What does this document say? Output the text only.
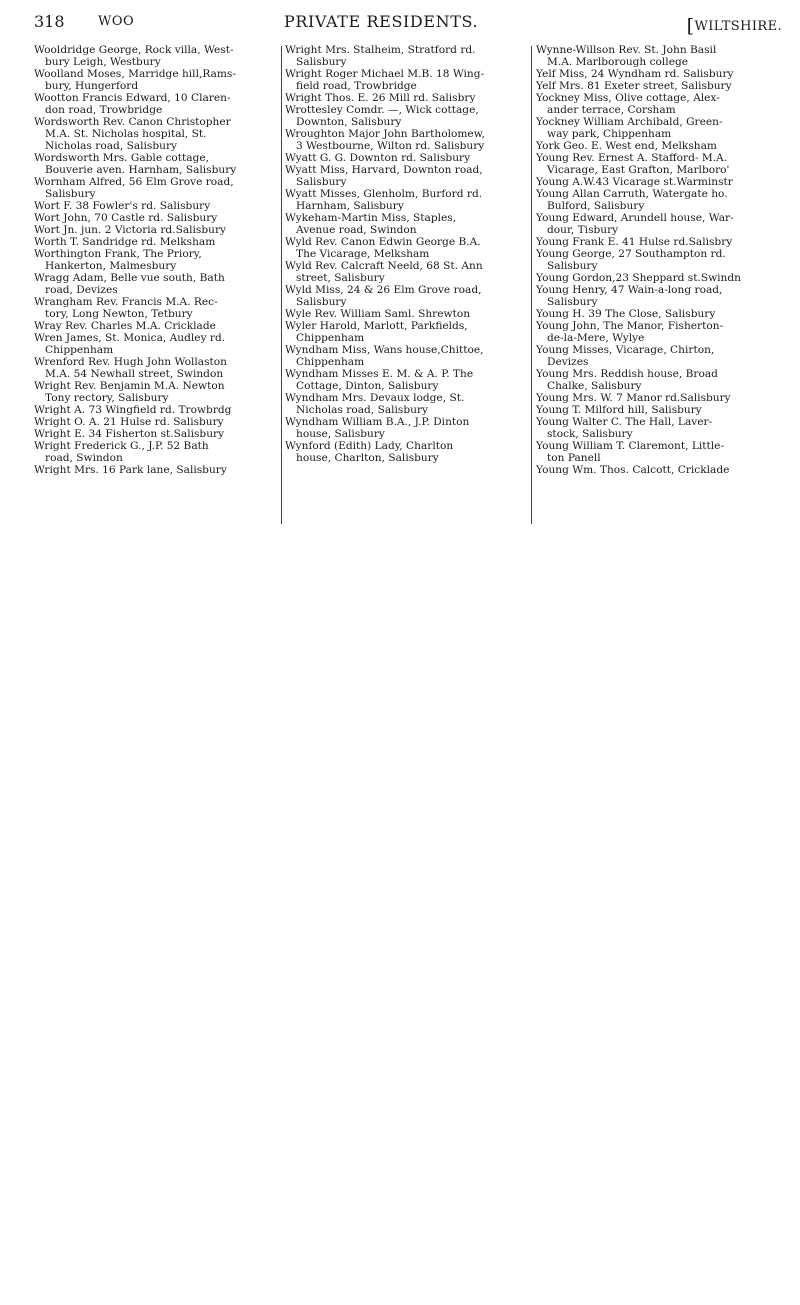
318	WOO	PRIVATE RESIDENTS.	[WILTSHIRE.
Wooldridge George, Rock villa, West-
bury Leigh, Westbury
Woolland Moses, Marridge hill,Rams-
bury, Hungerford
Wootton Francis Edward, 10 Claren-
don road, Trowbridge
Wordsworth Rev. Canon Christopher
M.A. St. Nicholas hospital, St.
Nicholas road, Salisbury
Wordsworth Mrs. Gable cottage,
Bouverie aven. Harnham, Salisbury
Wornham Alfred, 56 Elm Grove road,
Salisbury
Wort F. 38 Fowler's rd. Salisbury
Wort John, 70 Castle rd. Salisbury
Wort Jn. jun. 2 Victoria rd.Salisbury
Worth T. Sandridge rd. Melksham
Worthington Frank, The Priory,
Hankerton, Malmesbury
Wragg Adam, Belle vue south, Bath
road, Devizes
Wrangham Rev. Francis M.A. Rec-
tory, Long Newton, Tetbury
Wray Rev. Charles M.A. Cricklade
Wren James, St. Monica, Audley rd.
Chippenham
Wrenford Rev. Hugh John Wollaston
M.A. 54 Newhall street, Swindon
Wright Rev. Benjamin M.A. Newton
Tony rectory, Salisbury
Wright A. 73 Wingfield rd. Trowbrdg
Wright O. A. 21 Hulse rd. Salisbury
Wright E. 34 Fisherton st.Salisbury
Wright Frederick G., J.P. 52 Bath
road, Swindon
Wright Mrs. 16 Park lane, Salisbury
Wright Mrs. Stalheim, Stratford rd.
Salisbury
Wright Roger Michael M.B. 18 Wing-
field road, Trowbridge
Wright Thos. E. 26 Mill rd. Salisbry
Wrottesley Comdr. —, Wick cottage,
Downton, Salisbury
Wroughton Major John Bartholomew,
3 Westbourne, Wilton rd. Salisbury
Wyatt G. G. Downton rd. Salisbury
Wyatt Miss, Harvard, Downton road,
Salisbury
Wyatt Misses, Glenholm, Burford rd.
Harnham, Salisbury
Wykeham-Martin Miss, Staples,
Avenue road, Swindon
Wyld Rev. Canon Edwin George B.A.
The Vicarage, Melksham
Wyld Rev. Calcraft Neeld, 68 St. Ann
street, Salisbury
Wyld Miss, 24 & 26 Elm Grove road,
Salisbury
Wyle Rev. William Saml. Shrewton
Wyler Harold, Marlott, Parkfields,
Chippenham
Wyndham Miss, Wans house,Chittoe,
Chippenham
Wyndham Misses E. M. & A. P. The
Cottage, Dinton, Salisbury
Wyndham Mrs. Devaux lodge, St.
Nicholas road, Salisbury
Wyndham William B.A., J.P. Dinton
house, Salisbury
Wynford (Edith) Lady, Charlton
house, Charlton, Salisbury
Wynne-Willson Rev. St. John Basil
M.A. Marlborough college
Yelf Miss, 24 Wyndham rd. Salisbury
Yelf Mrs. 81 Exeter street, Salisbury
Yockney Miss, Olive cottage, Alex-
ander terrace, Corsham
Yockney William Archibald, Green-
way park, Chippenham
York Geo. E. West end, Melksham
Young Rev. Ernest A. Stafford- M.A.
Vicarage, East Grafton, Marlboro'
Young A.W.43 Vicarage st.Warminstr
Young Allan Carruth, Watergate ho.
Bulford, Salisbury
Young Edward, Arundell house, War-
dour, Tisbury
Young Frank E. 41 Hulse rd.Salisbry
Young George, 27 Southampton rd.
Salisbury
Young Gordon,23 Sheppard st.Swindn
Young Henry, 47 Wain-a-long road,
Salisbury
Young H. 39 The Close, Salisbury
Young John, The Manor, Fisherton-
de-la-Mere, Wylye
Young Misses, Vicarage, Chirton,
Devizes
Young Mrs. Reddish house, Broad
Chalke, Salisbury
Young Mrs. W. 7 Manor rd.Salisbury
Young T. Milford hill, Salisbury
Young Walter C. The Hall, Laver-
stock, Salisbury
Young William T. Claremont, Little-
ton Panell
Young Wm. Thos. Calcott, Cricklade
